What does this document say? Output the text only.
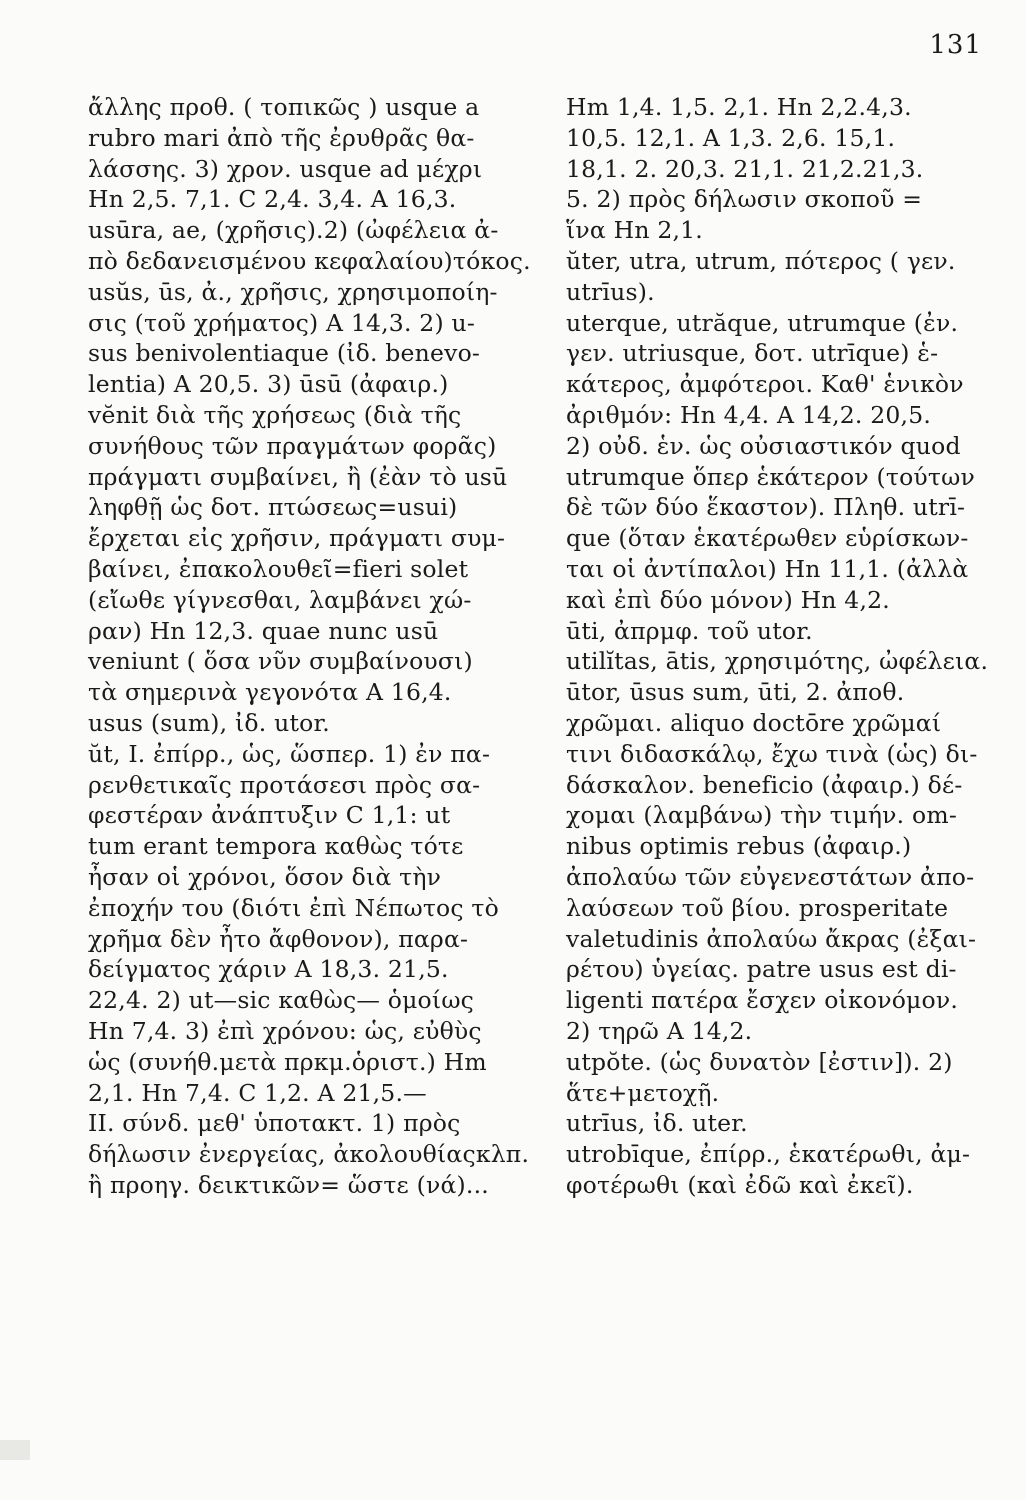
131
ἄλλης προθ. ( τοπικῶς ) usque a
rubro mari ἀπὸ τῆς ἐρυθρᾶς θα-
λάσσης. 3) χρον. usque ad μέχρι
Hn 2,5. 7,1. C 2,4. 3,4. A 16,3.
usūra, ae, (χρῆσις).2) (ὠφέλεια ἀ-
πὸ δεδανεισμένου κεφαλαίου)τόκος.
usŭs, ūs, ἀ., χρῆσις, χρησιμοποίη-
σις (τοῦ χρήματος) A 14,3. 2) u-
sus benivolentiaque (ἰδ. benevo-
lentia) A 20,5. 3) ūsū (ἀφαιρ.)
vĕnit διὰ τῆς χρήσεως (διὰ τῆς
συνήθους τῶν πραγμάτων φορᾶς)
πράγματι συμβαίνει, ἢ (ἐὰν τὸ usū
ληφθῇ ὡς δοτ. πτώσεως=usui)
ἔρχεται εἰς χρῆσιν, πράγματι συμ-
βαίνει, ἐπακολουθεῖ=fieri solet
(εἴωθε γίγνεσθαι, λαμβάνει χώ-
ραν) Hn 12,3. quae nunc usū
veniunt ( ὅσα νῦν συμβαίνουσι)
τὰ σημερινὰ γεγονότα A 16,4.
usus (sum), ἰδ. utor.
ŭt, I. ἐπίρρ., ὡς, ὥσπερ. 1) ἐν πα-
ρενθετικαῖς προτάσεσι πρὸς σα-
φεστέραν ἀνάπτυξιν C 1,1: ut
tum erant tempora καθὼς τότε
ἦσαν οἱ χρόνοι, ὅσον διὰ τὴν
ἐποχήν του (διότι ἐπὶ Νέπωτος τὸ
χρῆμα δὲν ἦτο ἄφθονον), παρα-
δείγματος χάριν A 18,3. 21,5.
22,4. 2) ut—sic καθὼς— ὁμοίως
Hn 7,4. 3) ἐπὶ χρόνου: ὡς, εὐθὺς
ὡς (συνήθ.μετὰ πρκμ.ὁριστ.) Hm
2,1. Hn 7,4. C 1,2. A 21,5.—
II. σύνδ. μεθ' ὑποτακτ. 1) πρὸς
δήλωσιν ἐνεργείας, ἀκολουθίαςκλπ.
ἢ προηγ. δεικτικῶν= ὥστε (νά)...
Hm 1,4. 1,5. 2,1. Hn 2,2.4,3.
10,5. 12,1. A 1,3. 2,6. 15,1.
18,1. 2. 20,3. 21,1. 21,2.21,3.
5. 2) πρὸς δήλωσιν σκοποῦ =
ἵνα Hn 2,1.
ŭter, utra, utrum, πότερος ( γεν.
utrīus).
uterque, utrăque, utrumque (ἐν.
γεν. utriusque, δοτ. utrīque) ἑ-
κάτερος, ἀμφότεροι. Καθ' ἑνικὸν
ἀριθμόν: Hn 4,4. A 14,2. 20,5.
2) οὐδ. ἑν. ὡς οὐσιαστικόν quod
utrumque ὅπερ ἑκάτερον (τούτων
δὲ τῶν δύο ἕκαστον). Πληθ. utrī-
que (ὅταν ἑκατέρωθεν εὑρίσκων-
ται οἱ ἀντίπαλοι) Hn 11,1. (ἀλλὰ
καὶ ἐπὶ δύο μόνον) Hn 4,2.
ūti, ἀπρμφ. τοῦ utor.
utilĭtas, ātis, χρησιμότης, ὠφέλεια.
ūtor, ūsus sum, ūti, 2. ἀποθ.
χρῶμαι. aliquo doctōre χρῶμαί
τινι διδασκάλῳ, ἔχω τινὰ (ὡς) δι-
δάσκαλον. beneficio (ἀφαιρ.) δέ-
χομαι (λαμβάνω) τὴν τιμήν. om-
nibus optimis rebus (ἀφαιρ.)
ἀπολαύω τῶν εὐγενεστάτων ἀπο-
λαύσεων τοῦ βίου. prosperitate
valetudinis ἀπολαύω ἄκρας (ἐξαι-
ρέτου) ὑγείας. patre usus est di-
ligenti πατέρα ἔσχεν οἰκονόμον.
2) τηρῶ A 14,2.
utpŏte. (ὡς δυνατὸν [ἐστιν]). 2)
ἅτε+μετοχῇ.
utrīus, ἰδ. uter.
utrobīque, ἐπίρρ., ἑκατέρωθι, ἀμ-
φοτέρωθι (καὶ ἐδῶ καὶ ἐκεῖ).
